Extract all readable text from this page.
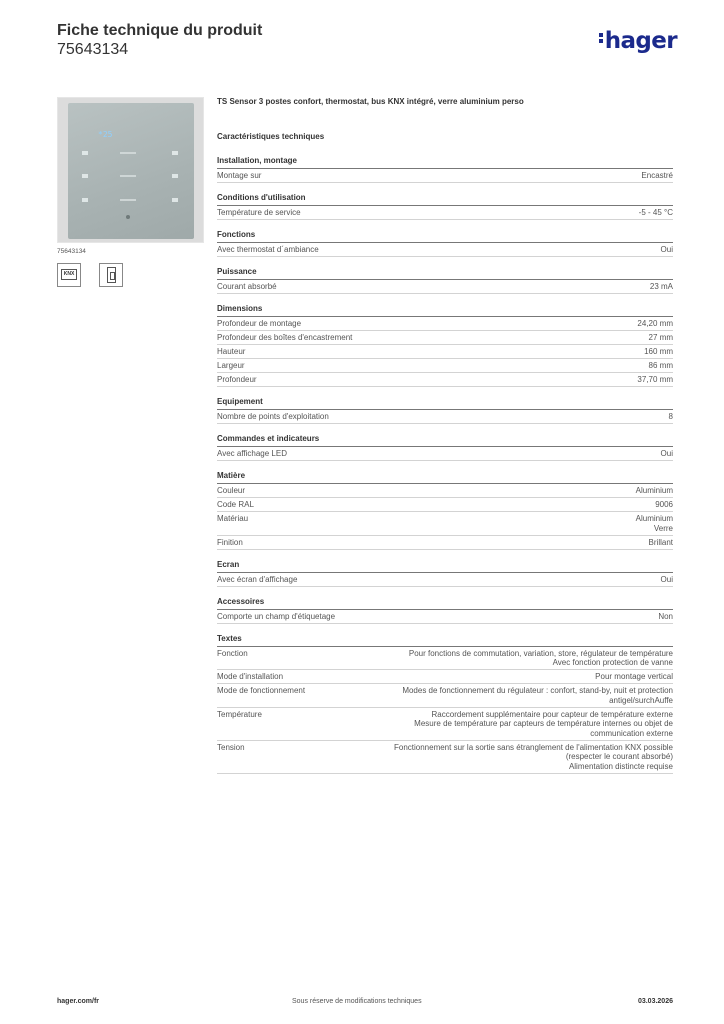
Fiche technique du produit
75643134	hager
*25
75643134
KNX

TS Sensor 3 postes confort, thermostat, bus KNX intégré, verre aluminium perso
Caractéristiques techniques
Installation, montage
Montage sur	Encastré
Conditions d'utilisation
Température de service	-5 - 45 °C
Fonctions
Avec thermostat d´ambiance	Oui
Puissance
Courant absorbé	23 mA
Dimensions
Profondeur de montage	24,20 mm
Profondeur des boîtes d'encastrement	27 mm
Hauteur	160 mm
Largeur	86 mm
Profondeur	37,70 mm
Equipement
Nombre de points d'exploitation	8
Commandes et indicateurs
Avec affichage LED	Oui
Matière
Couleur	Aluminium
Code RAL	9006
Matériau	Aluminium
Verre
Finition	Brillant
Ecran
Avec écran d'affichage	Oui
Accessoires
Comporte un champ d'étiquetage	Non
Textes
Fonction	Pour fonctions de commutation, variation, store, régulateur de température
Avec fonction protection de vanne
Mode d'installation	Pour montage vertical
Mode de fonctionnement	Modes de fonctionnement du régulateur : confort, stand-by, nuit et protection antigel/surchAuffe
Température	Raccordement supplémentaire pour capteur de température externe
Mesure de température par capteurs de température internes ou objet de communication externe
Tension	Fonctionnement sur la sortie sans étranglement de l'alimentation KNX possible (respecter le courant absorbé)
Alimentation distincte requise
hager.com/fr	Sous réserve de modifications techniques	03.03.2026
